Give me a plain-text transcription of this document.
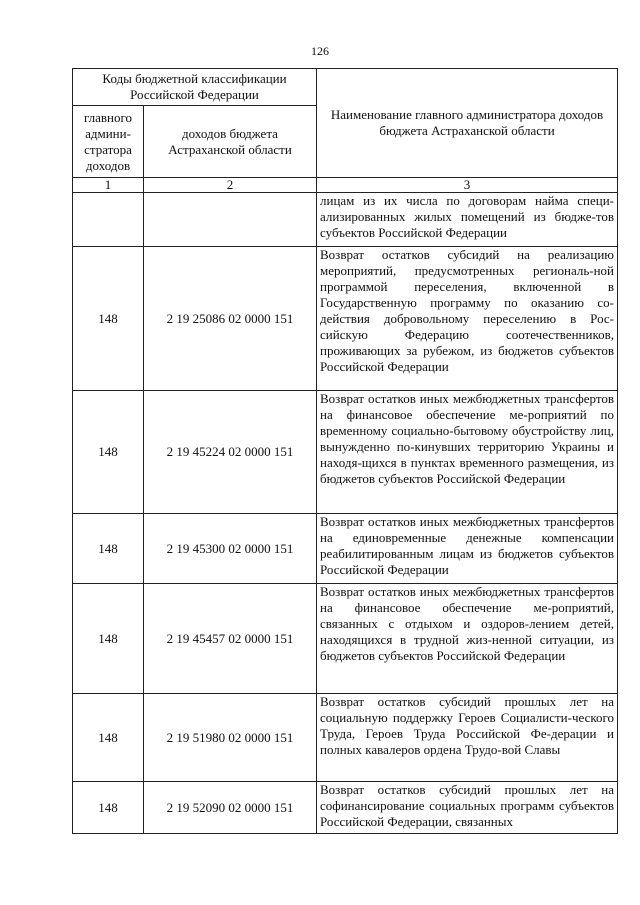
126
Коды бюджетной классификации Российской Федерации		Наименование главного администратора доходов бюджета Астраханской области
главного админи-стратора доходов	доходов бюджета Астраханской области	
1	2	3
		лицам из их числа по договорам найма специ-ализированных жилых помещений из бюдже-тов субъектов Российской Федерации
148	2 19 25086 02 0000 151	Возврат остатков субсидий на реализацию мероприятий, предусмотренных региональ-ной программой переселения, включенной в Государственную программу по оказанию со-действия добровольному переселению в Рос-сийскую Федерацию соотечественников, проживающих за рубежом, из бюджетов субъектов Российской Федерации
148	2 19 45224 02 0000 151	Возврат остатков иных межбюджетных трансфертов на финансовое обеспечение ме-роприятий по временному социально-бытовому обустройству лиц, вынужденно по-кинувших территорию Украины и находя-щихся в пунктах временного размещения, из бюджетов субъектов Российской Федерации
148	2 19 45300 02 0000 151	Возврат остатков иных межбюджетных трансфертов на единовременные денежные компенсации реабилитированным лицам из бюджетов субъектов Российской Федерации
148	2 19 45457 02 0000 151	Возврат остатков иных межбюджетных трансфертов на финансовое обеспечение ме-роприятий, связанных с отдыхом и оздоров-лением детей, находящихся в трудной жиз-ненной ситуации, из бюджетов субъектов Российской Федерации
148	2 19 51980 02 0000 151	Возврат остатков субсидий прошлых лет на социальную поддержку Героев Социалисти-ческого Труда, Героев Труда Российской Фе-дерации и полных кавалеров ордена Трудо-вой Славы
148	2 19 52090 02 0000 151	Возврат остатков субсидий прошлых лет на софинансирование социальных программ субъектов Российской Федерации, связанных
